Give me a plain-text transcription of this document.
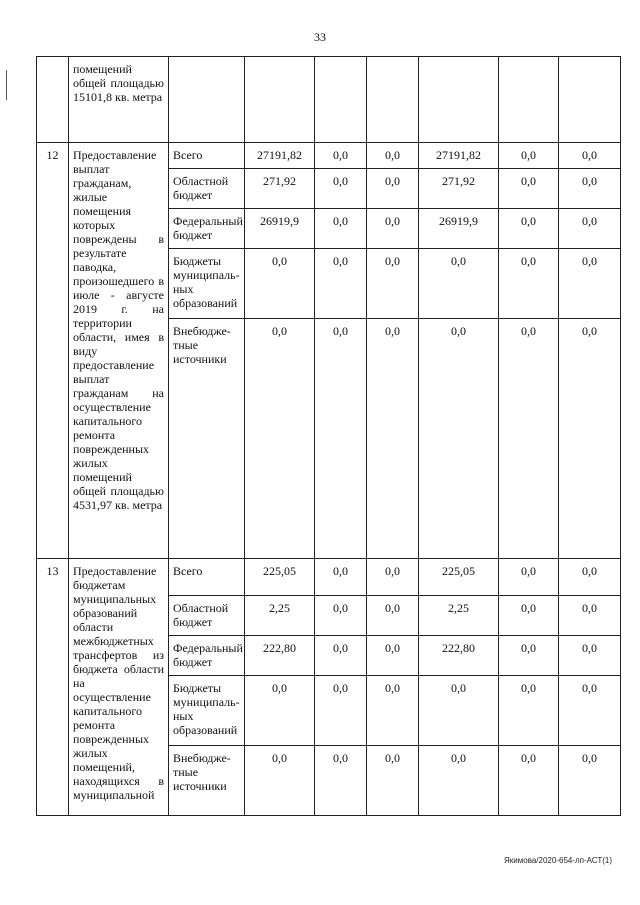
33
	помещений общей площадью 15101,8 кв. метра							
12	Предоставление выплат гражданам, жилые помещения которых повреждены в результате паводка, произошедшего в июле - августе 2019 г. на территории области, имея в виду предоставление выплат гражданам на осуществление капитального ремонта поврежденных жилых помещений общей площадью 4531,97 кв. метра	Всего	27191,82	0,0	0,0	27191,82	0,0	0,0
		Областной бюджет	271,92	0,0	0,0	271,92	0,0	0,0
		Федеральный бюджет	26919,9	0,0	0,0	26919,9	0,0	0,0
		Бюджеты муниципаль-ных образований	0,0	0,0	0,0	0,0	0,0	0,0
		Внебюдже-тные источники	0,0	0,0	0,0	0,0	0,0	0,0
13	Предоставление бюджетам муниципальных образований области межбюджетных трансфертов из бюджета области на осуществление капитального ремонта поврежденных жилых помещений, находящихся в муниципальной	Всего	225,05	0,0	0,0	225,05	0,0	0,0
		Областной бюджет	2,25	0,0	0,0	2,25	0,0	0,0
		Федеральный бюджет	222,80	0,0	0,0	222,80	0,0	0,0
		Бюджеты муниципаль-ных образований	0,0	0,0	0,0	0,0	0,0	0,0
		Внебюдже-тные источники	0,0	0,0	0,0	0,0	0,0	0,0
Якимова/2020-654-лп-АСТ(1)
